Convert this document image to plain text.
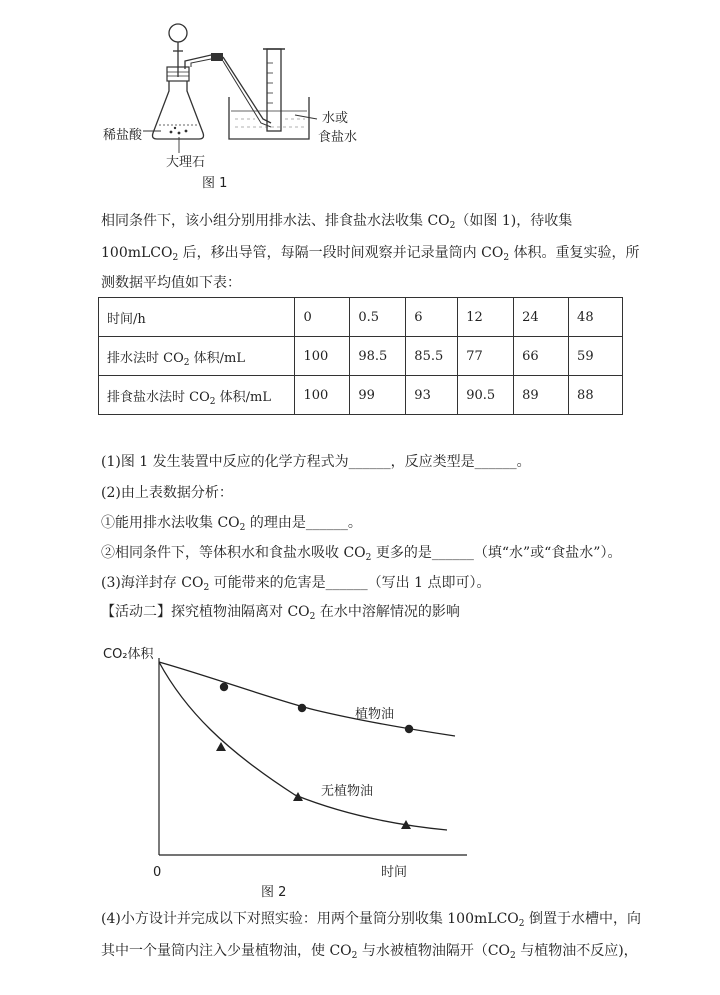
稀盐酸
大理石
水或
食盐水
图 1
相同条件下，该小组分别用排水法、排食盐水法收集 $CO_2$（如图 1)，待收集
100mLCO$_2$ 后，移出导管，每隔一段时间观察并记录量筒内 $CO_2$ 体积。重复实验，所
测数据平均值如下表：
时间/h	0	0.5	6	12	24	48
排水法时 $CO_2$ 体积/mL	100	98.5	85.5	77	66	59
排食盐水法时 $CO_2$ 体积/mL	100	99	93	90.5	89	88
(1)图 1 发生装置中反应的化学方程式为______，反应类型是______。
(2)由上表数据分析：
①能用排水法收集 $CO_2$ 的理由是______。
②相同条件下，等体积水和食盐水吸收 $CO_2$ 更多的是______（填“水”或“食盐水”）。
(3)海洋封存 $CO_2$ 可能带来的危害是______（写出 1 点即可）。
【活动二】探究植物油隔离对 $CO_2$ 在水中溶解情况的影响
CO₂体积
时间
0
植物油
无植物油
图 2
(4)小方设计并完成以下对照实验：用两个量筒分别收集 100mLCO$_2$ 倒置于水槽中，向
其中一个量筒内注入少量植物油，使 $CO_2$ 与水被植物油隔开（$CO_2$ 与植物油不反应)，
